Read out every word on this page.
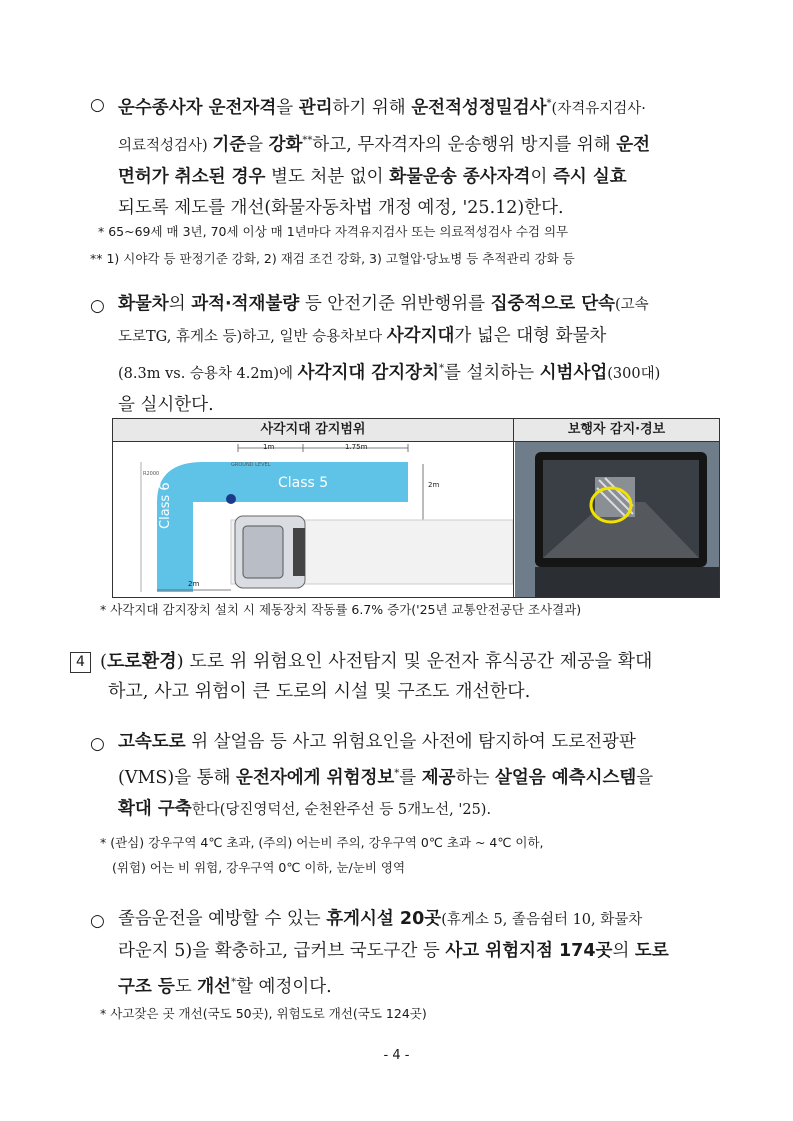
○ 운수종사자 운전자격을 관리하기 위해 운전적성정밀검사*(자격유지검사·
의료적성검사) 기준을 강화**하고, 무자격자의 운송행위 방지를 위해 운전
면허가 취소된 경우 별도 처분 없이 화물운송 종사자격이 즉시 실효
되도록 제도를 개선(화물자동차법 개정 예정, '25.12)한다.
* 65~69세 매 3년, 70세 이상 매 1년마다 자격유지검사 또는 의료적성검사 수검 의무
** 1) 시야각 등 판정기준 강화, 2) 재검 조건 강화, 3) 고혈압·당뇨병 등 추적관리 강화 등
○ 화물차의 과적·적재불량 등 안전기준 위반행위를 집중적으로 단속(고속
도로TG, 휴게소 등)하고, 일반 승용차보다 사각지대가 넓은 대형 화물차
(8.3m vs. 승용차 4.2m)에 사각지대 감지장치*를 설치하는 시범사업(300대)
을 실시한다.
사각지대 감지범위	보행자 감지·경보
1m	1.75m
GROUND LEVEL
R2000
Class 5
Class 6	2m
2m
* 사각지대 감지장치 설치 시 제동장치 작동률 6.7% 증가('25년 교통안전공단 조사결과)
4 (도로환경) 도로 위 위험요인 사전탐지 및 운전자 휴식공간 제공을 확대
하고, 사고 위험이 큰 도로의 시설 및 구조도 개선한다.
○ 고속도로 위 살얼음 등 사고 위험요인을 사전에 탐지하여 도로전광판
(VMS)을 통해 운전자에게 위험정보*를 제공하는 살얼음 예측시스템을
확대 구축한다(당진영덕선, 순천완주선 등 5개노선, '25).
* (관심) 강우구역 4℃ 초과, (주의) 어는비 주의, 강우구역 0℃ 초과 ~ 4℃ 이하,
(위험) 어는 비 위험, 강우구역 0℃ 이하, 눈/눈비 영역
○ 졸음운전을 예방할 수 있는 휴게시설 20곳(휴게소 5, 졸음쉼터 10, 화물차
라운지 5)을 확충하고, 급커브 국도구간 등 사고 위험지점 174곳의 도로
구조 등도 개선*할 예정이다.
* 사고잦은 곳 개선(국도 50곳), 위험도로 개선(국도 124곳)
- 4 -
